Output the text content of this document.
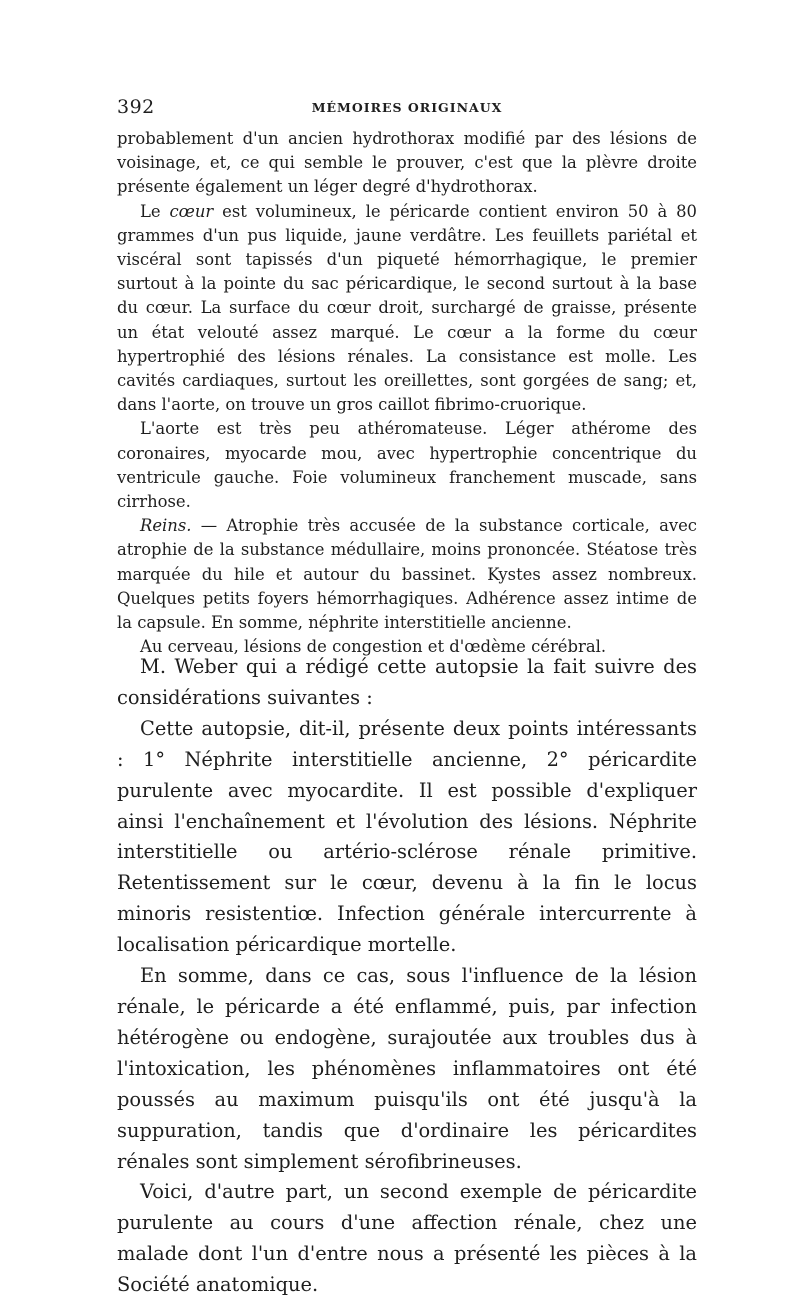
392	MÉMOIRES ORIGINAUX

probablement d'un ancien hydrothorax modifié par des lésions de voisinage, et, ce qui semble le prouver, c'est que la plèvre droite présente également un léger degré d'hydrothorax.

Le cœur est volumineux, le péricarde contient environ 50 à 80 grammes d'un pus liquide, jaune verdâtre. Les feuillets pariétal et viscéral sont tapissés d'un piqueté hémorrhagique, le premier surtout à la pointe du sac péricardique, le second surtout à la base du cœur. La surface du cœur droit, surchargé de graisse, présente un état velouté assez marqué. Le cœur a la forme du cœur hypertrophié des lésions rénales. La consistance est molle. Les cavités cardiaques, surtout les oreillettes, sont gorgées de sang; et, dans l'aorte, on trouve un gros caillot fibrimo-cruorique.

L'aorte est très peu athéromateuse. Léger athérome des coronaires, myocarde mou, avec hypertrophie concentrique du ventricule gauche. Foie volumineux franchement muscade, sans cirrhose.

Reins. — Atrophie très accusée de la substance corticale, avec atrophie de la substance médullaire, moins prononcée. Stéatose très marquée du hile et autour du bassinet. Kystes assez nombreux. Quelques petits foyers hémorrhagiques. Adhérence assez intime de la capsule. En somme, néphrite interstitielle ancienne.

Au cerveau, lésions de congestion et d'œdème cérébral.

M. Weber qui a rédigé cette autopsie la fait suivre des considérations suivantes :

Cette autopsie, dit-il, présente deux points intéressants : 1° Néphrite interstitielle ancienne, 2° péricardite purulente avec myocardite. Il est possible d'expliquer ainsi l'enchaînement et l'évolution des lésions. Néphrite interstitielle ou artério-sclérose rénale primitive. Retentissement sur le cœur, devenu à la fin le locus minoris resistentiœ. Infection générale intercurrente à localisation péricardique mortelle.

En somme, dans ce cas, sous l'influence de la lésion rénale, le péricarde a été enflammé, puis, par infection hétérogène ou endogène, surajoutée aux troubles dus à l'intoxication, les phénomènes inflammatoires ont été poussés au maximum puisqu'ils ont été jusqu'à la suppuration, tandis que d'ordinaire les péricardites rénales sont simplement sérofibrineuses.

Voici, d'autre part, un second exemple de péricardite purulente au cours d'une affection rénale, chez une malade dont l'un d'entre nous a présenté les pièces à la Société anatomique.
